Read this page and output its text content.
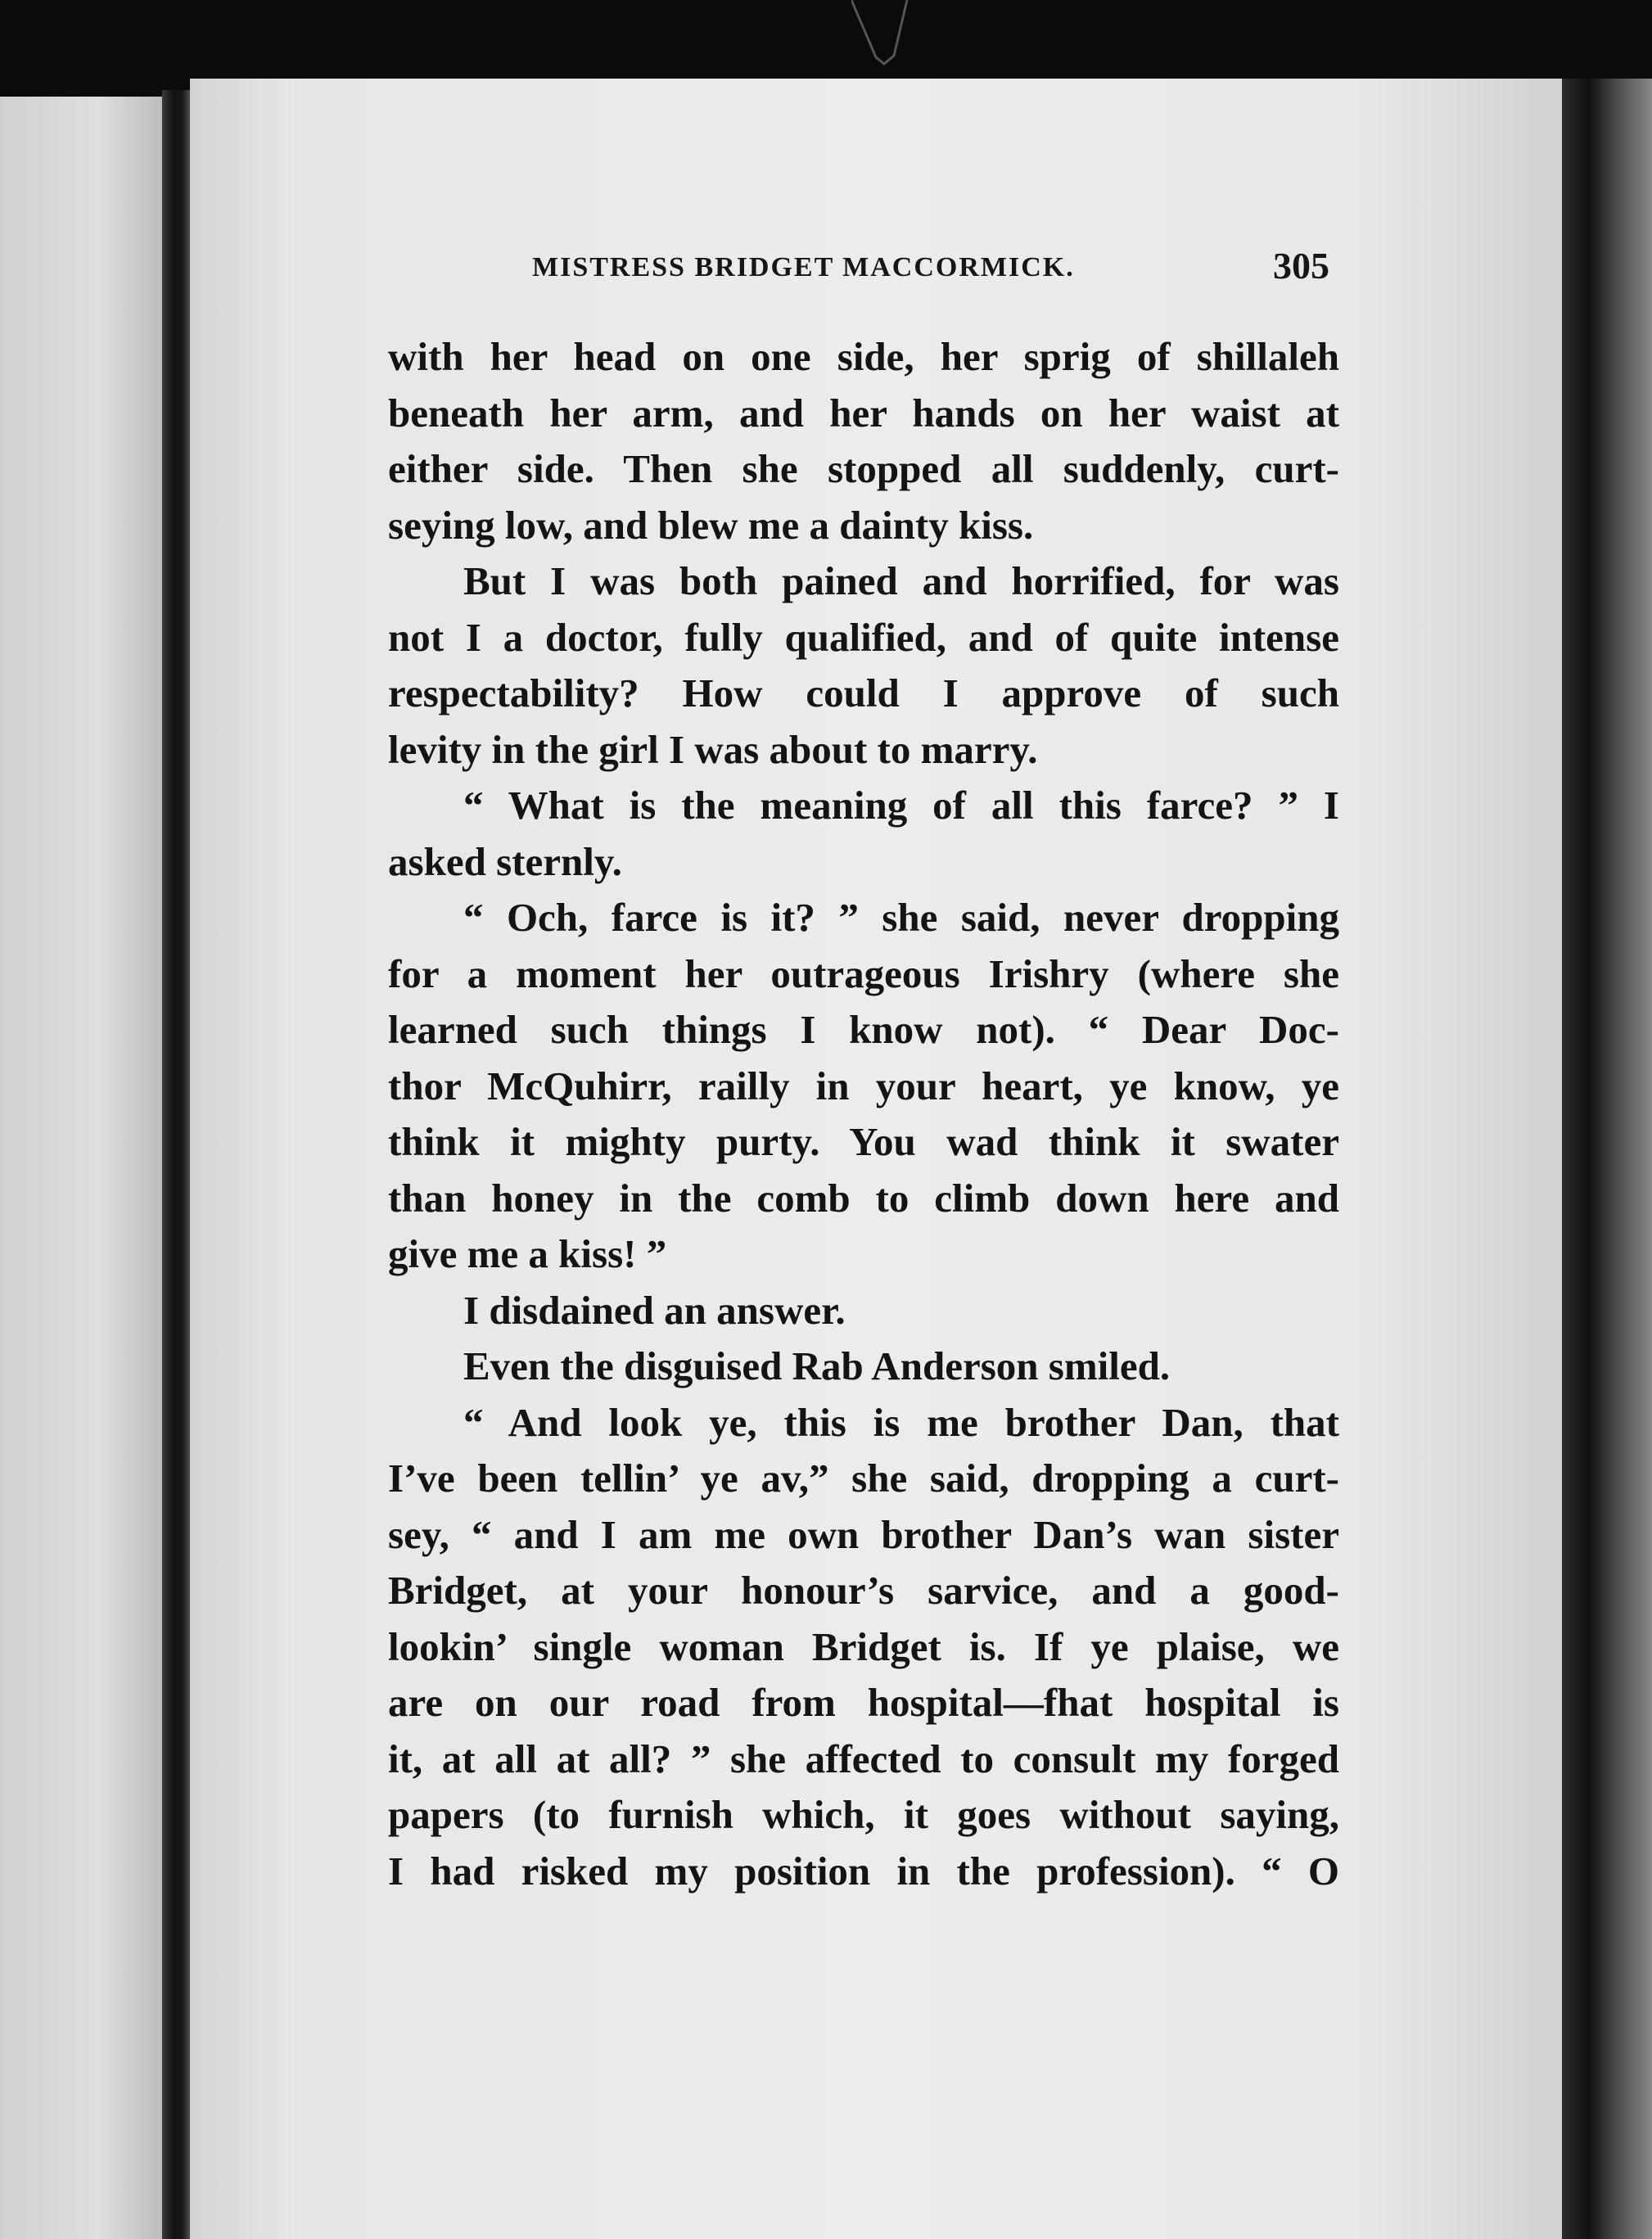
MISTRESS BRIDGET MACCORMICK.	305
with her head on one side, her sprig of shillaleh
beneath her arm, and her hands on her waist at
either side. Then she stopped all suddenly, curt-
seying low, and blew me a dainty kiss.
But I was both pained and horrified, for was
not I a doctor, fully qualified, and of quite intense
respectability? How could I approve of such
levity in the girl I was about to marry.
“ What is the meaning of all this farce? ” I
asked sternly.
“ Och, farce is it? ” she said, never dropping
for a moment her outrageous Irishry (where she
learned such things I know not). “ Dear Doc-
thor McQuhirr, railly in your heart, ye know, ye
think it mighty purty. You wad think it swater
than honey in the comb to climb down here and
give me a kiss! ”
I disdained an answer.
Even the disguised Rab Anderson smiled.
“ And look ye, this is me brother Dan, that
I’ve been tellin’ ye av,” she said, dropping a curt-
sey, “ and I am me own brother Dan’s wan sister
Bridget, at your honour’s sarvice, and a good-
lookin’ single woman Bridget is. If ye plaise, we
are on our road from hospital—fhat hospital is
it, at all at all? ” she affected to consult my forged
papers (to furnish which, it goes without saying,
I had risked my position in the profession). “ O
